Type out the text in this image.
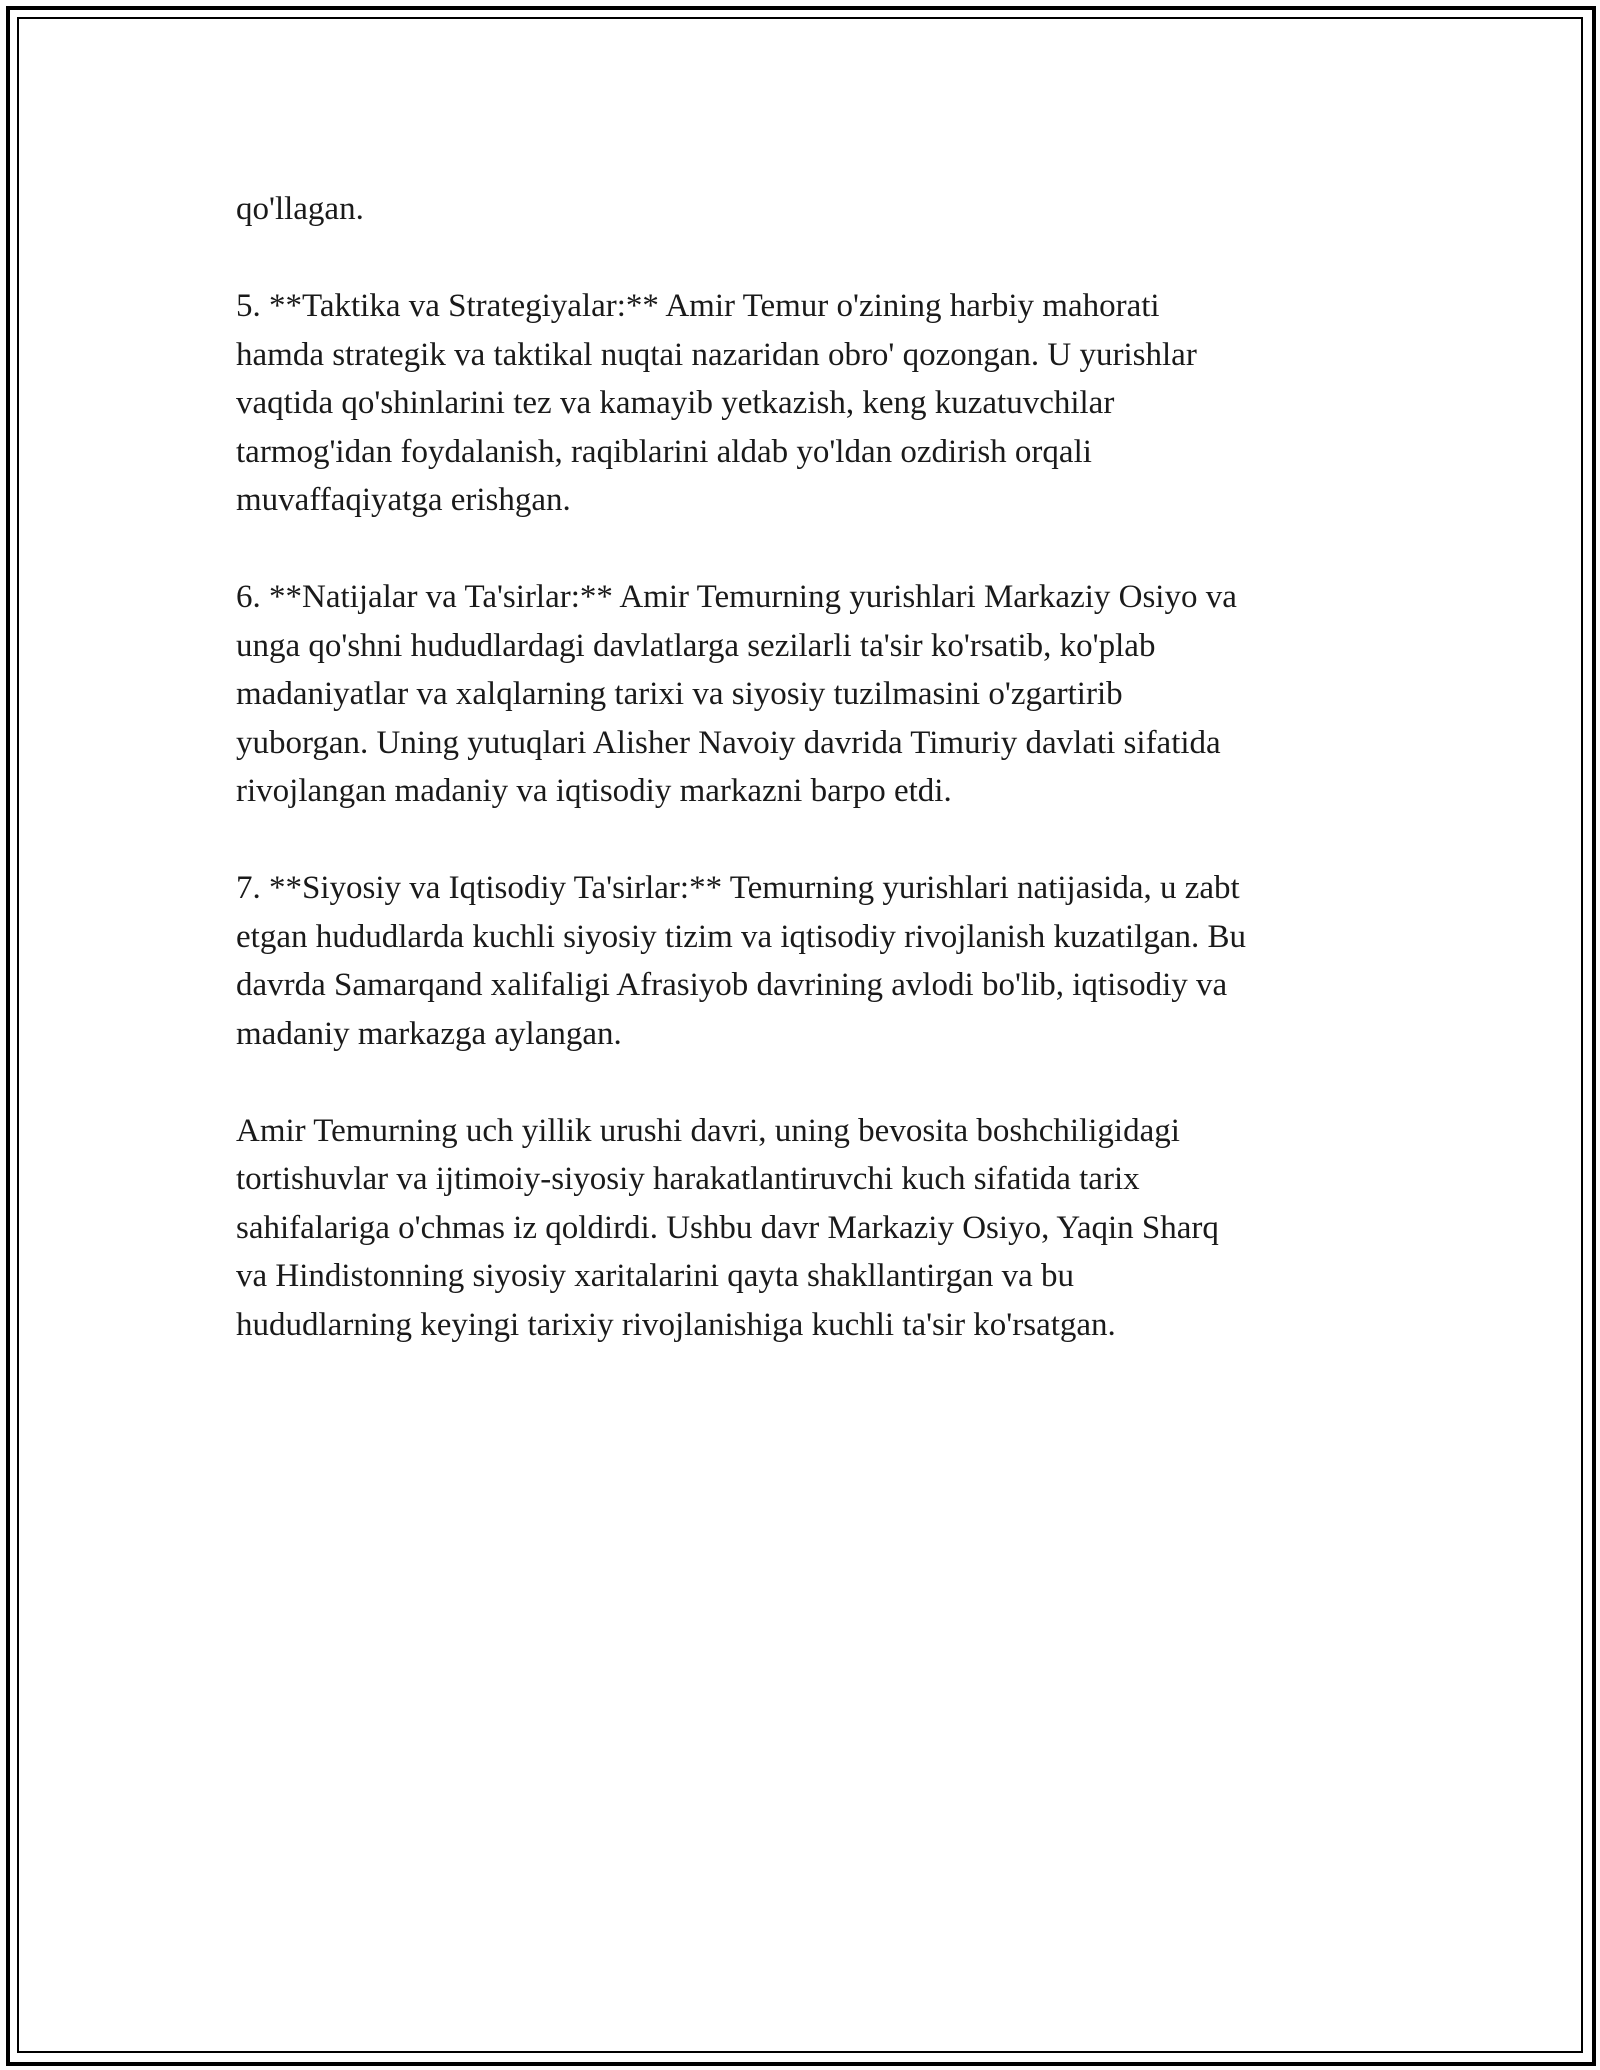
qo'llagan.
5. **Taktika va Strategiyalar:** Amir Temur o'zining harbiy mahorati
hamda strategik va taktikal nuqtai nazaridan obro' qozongan. U yurishlar
vaqtida qo'shinlarini tez va kamayib yetkazish, keng kuzatuvchilar
tarmog'idan foydalanish, raqiblarini aldab yo'ldan ozdirish orqali
muvaffaqiyatga erishgan.
6. **Natijalar va Ta'sirlar:** Amir Temurning yurishlari Markaziy Osiyo va
unga qo'shni hududlardagi davlatlarga sezilarli ta'sir ko'rsatib, ko'plab
madaniyatlar va xalqlarning tarixi va siyosiy tuzilmasini o'zgartirib
yuborgan. Uning yutuqlari Alisher Navoiy davrida Timuriy davlati sifatida
rivojlangan madaniy va iqtisodiy markazni barpo etdi.
7. **Siyosiy va Iqtisodiy Ta'sirlar:** Temurning yurishlari natijasida, u zabt
etgan hududlarda kuchli siyosiy tizim va iqtisodiy rivojlanish kuzatilgan. Bu
davrda Samarqand xalifaligi Afrasiyob davrining avlodi bo'lib, iqtisodiy va
madaniy markazga aylangan.
Amir Temurning uch yillik urushi davri, uning bevosita boshchiligidagi
tortishuvlar va ijtimoiy-siyosiy harakatlantiruvchi kuch sifatida tarix
sahifalariga o'chmas iz qoldirdi. Ushbu davr Markaziy Osiyo, Yaqin Sharq
va Hindistonning siyosiy xaritalarini qayta shakllantirgan va bu
hududlarning keyingi tarixiy rivojlanishiga kuchli ta'sir ko'rsatgan.
